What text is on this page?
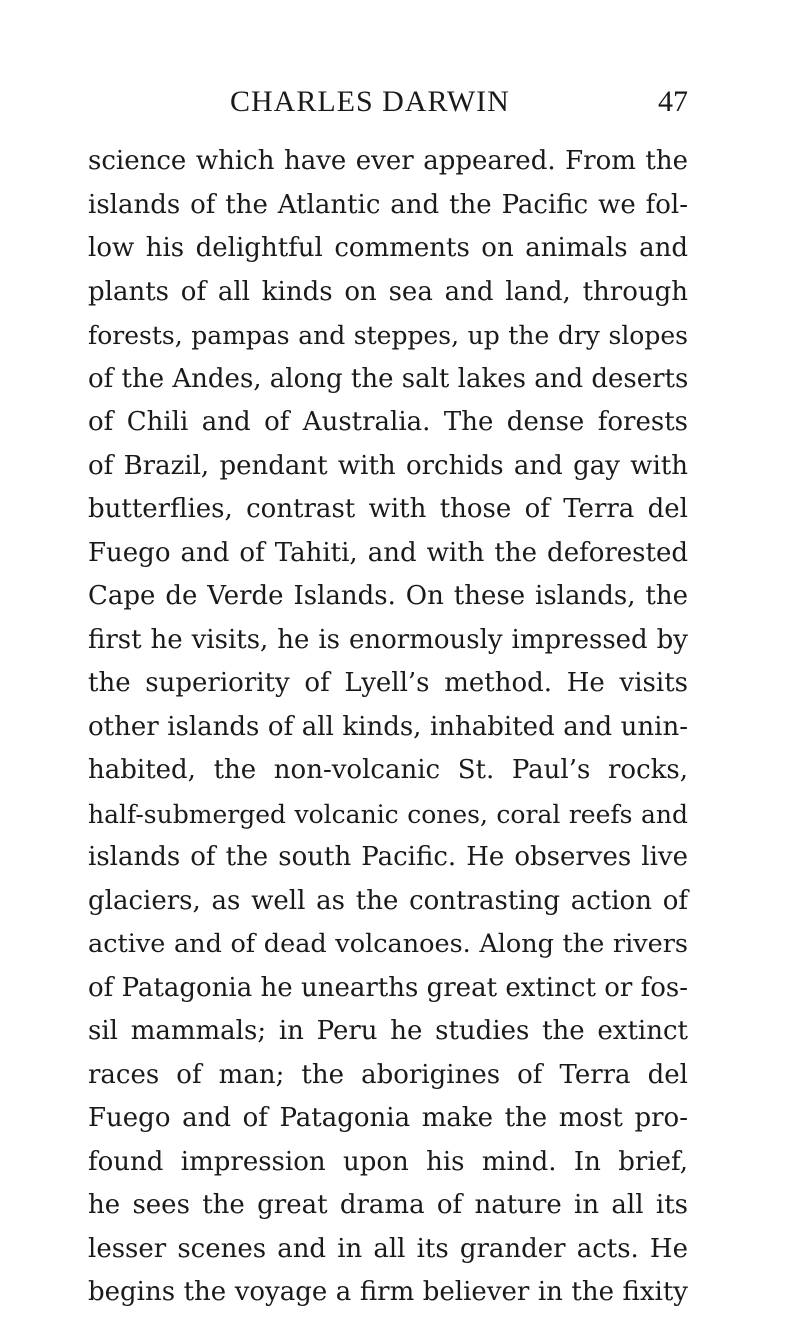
CHARLES DARWIN	47
science which have ever appeared. From the
islands of the Atlantic and the Pacific we fol-
low his delightful comments on animals and
plants of all kinds on sea and land, through
forests, pampas and steppes, up the dry slopes
of the Andes, along the salt lakes and deserts
of Chili and of Australia. The dense forests
of Brazil, pendant with orchids and gay with
butterflies, contrast with those of Terra del
Fuego and of Tahiti, and with the deforested
Cape de Verde Islands. On these islands, the
first he visits, he is enormously impressed by
the superiority of Lyell’s method. He visits
other islands of all kinds, inhabited and unin-
habited, the non-volcanic St. Paul’s rocks,
half-submerged volcanic cones, coral reefs and
islands of the south Pacific. He observes live
glaciers, as well as the contrasting action of
active and of dead volcanoes. Along the rivers
of Patagonia he unearths great extinct or fos-
sil mammals; in Peru he studies the extinct
races of man; the aborigines of Terra del
Fuego and of Patagonia make the most pro-
found impression upon his mind. In brief,
he sees the great drama of nature in all its
lesser scenes and in all its grander acts. He
begins the voyage a firm believer in the fixity
